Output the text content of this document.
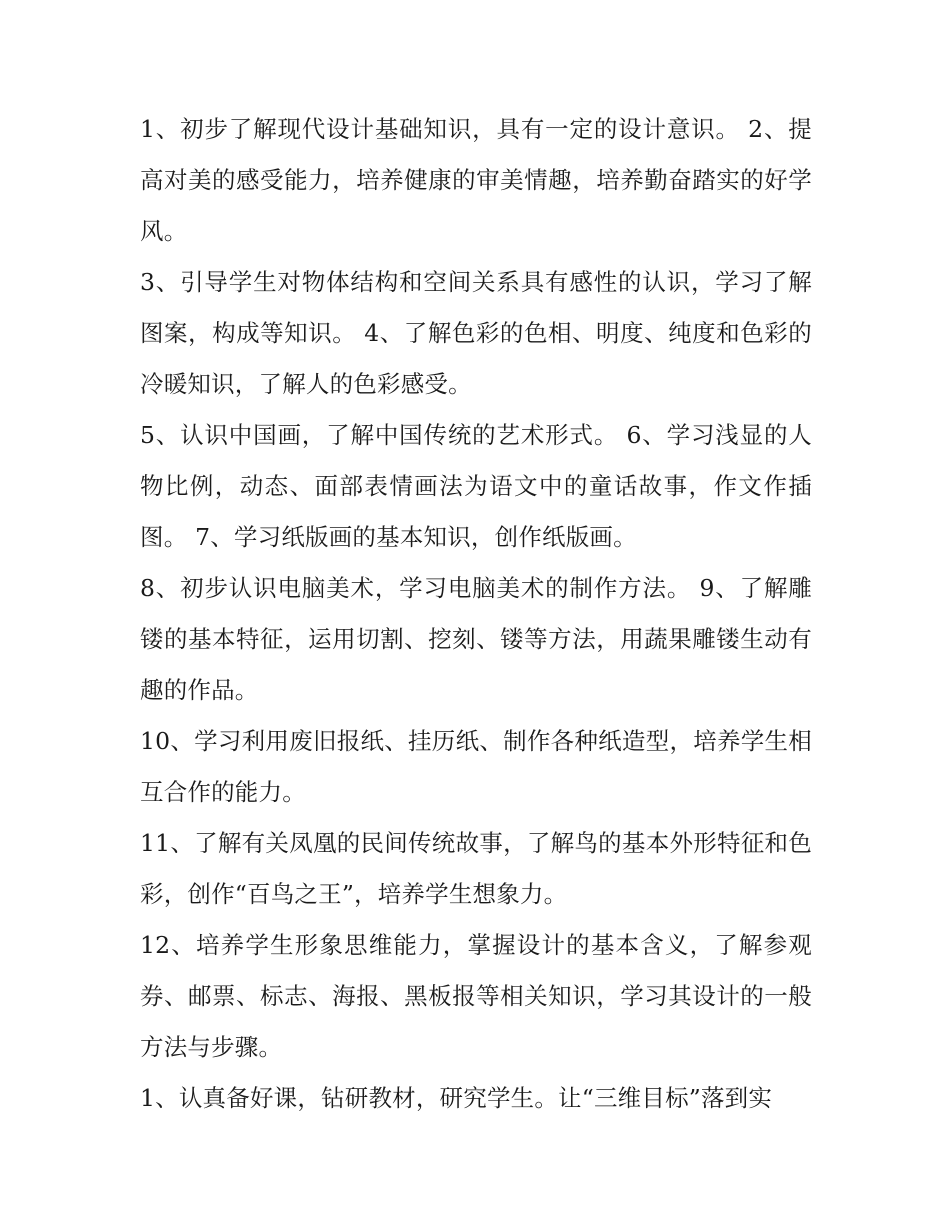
1、初步了解现代设计基础知识，具有一定的设计意识。 2、提高对美的感受能力，培养健康的审美情趣，培养勤奋踏实的好学风。

3、引导学生对物体结构和空间关系具有感性的认识，学习了解图案，构成等知识。 4、了解色彩的色相、明度、纯度和色彩的冷暖知识，了解人的色彩感受。

5、认识中国画，了解中国传统的艺术形式。 6、学习浅显的人物比例，动态、面部表情画法为语文中的童话故事，作文作插图。 7、学习纸版画的基本知识，创作纸版画。

8、初步认识电脑美术，学习电脑美术的制作方法。 9、了解雕镂的基本特征，运用切割、挖刻、镂等方法，用蔬果雕镂生动有趣的作品。

10、学习利用废旧报纸、挂历纸、制作各种纸造型，培养学生相互合作的能力。

11、了解有关凤凰的民间传统故事，了解鸟的基本外形特征和色彩，创作“百鸟之王”，培养学生想象力。

12、培养学生形象思维能力，掌握设计的基本含义，了解参观券、邮票、标志、海报、黑板报等相关知识，学习其设计的一般方法与步骤。

1、认真备好课，钻研教材，研究学生。让“三维目标”落到实
